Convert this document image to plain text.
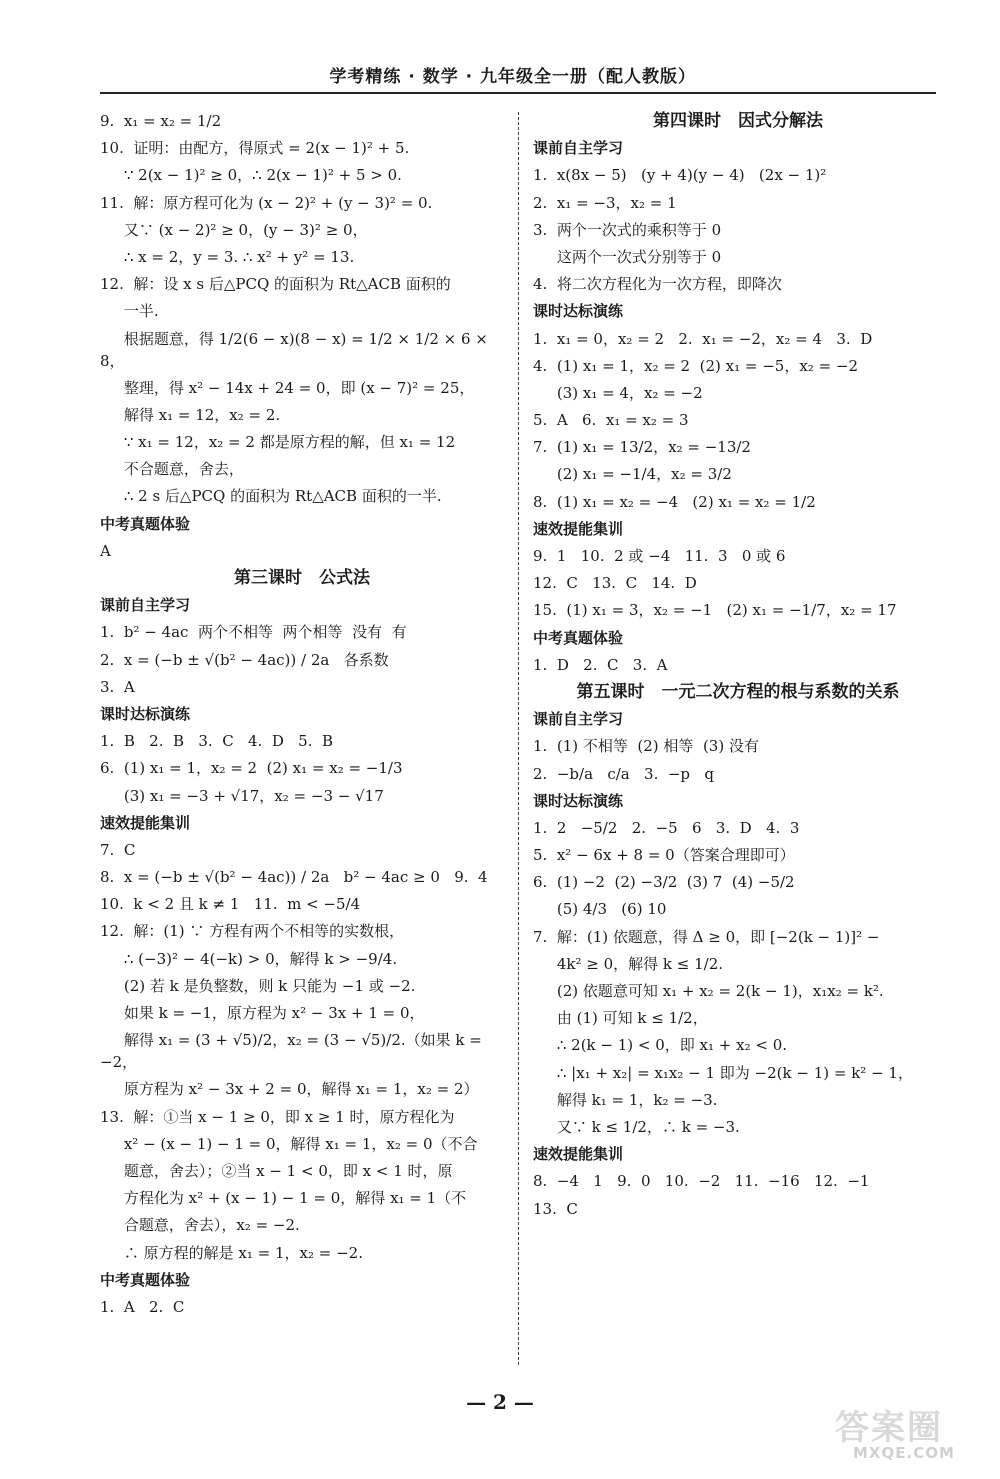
学考精练 · 数学 · 九年级全一册（配人教版）
9.  x₁ = x₂ = 1/2
10.  证明：由配方，得原式 = 2(x − 1)² + 5.
∵ 2(x − 1)² ≥ 0，∴ 2(x − 1)² + 5 > 0.
11.  解：原方程可化为 (x − 2)² + (y − 3)² = 0.
又∵ (x − 2)² ≥ 0，(y − 3)² ≥ 0，
∴ x = 2，y = 3. ∴ x² + y² = 13.
12.  解：设 x s 后△PCQ 的面积为 Rt△ACB 面积的
一半.
根据题意，得 1/2(6 − x)(8 − x) = 1/2 × 1/2 × 6 × 8，
整理，得 x² − 14x + 24 = 0，即 (x − 7)² = 25，
解得 x₁ = 12，x₂ = 2.
∵ x₁ = 12，x₂ = 2 都是原方程的解，但 x₁ = 12
不合题意，舍去，
∴ 2 s 后△PCQ 的面积为 Rt△ACB 面积的一半.
中考真题体验
A
第三课时　公式法
课前自主学习
1.  b² − 4ac  两个不相等  两个相等  没有  有
2.  x = (−b ± √(b² − 4ac)) / 2a   各系数
3.  A
课时达标演练
1.  B   2.  B   3.  C   4.  D   5.  B
6.  (1) x₁ = 1，x₂ = 2  (2) x₁ = x₂ = −1/3
(3) x₁ = −3 + √17，x₂ = −3 − √17
速效提能集训
7.  C
8.  x = (−b ± √(b² − 4ac)) / 2a   b² − 4ac ≥ 0   9.  4
10.  k < 2 且 k ≠ 1   11.  m < −5/4
12.  解：(1) ∵ 方程有两个不相等的实数根，
∴ (−3)² − 4(−k) > 0，解得 k > −9/4.
(2) 若 k 是负整数，则 k 只能为 −1 或 −2.
如果 k = −1，原方程为 x² − 3x + 1 = 0，
解得 x₁ = (3 + √5)/2，x₂ = (3 − √5)/2.（如果 k = −2，
原方程为 x² − 3x + 2 = 0，解得 x₁ = 1，x₂ = 2）
13.  解：①当 x − 1 ≥ 0，即 x ≥ 1 时，原方程化为
x² − (x − 1) − 1 = 0，解得 x₁ = 1，x₂ = 0（不合
题意，舍去）；②当 x − 1 < 0，即 x < 1 时，原
方程化为 x² + (x − 1) − 1 = 0，解得 x₁ = 1（不
合题意，舍去），x₂ = −2.
∴ 原方程的解是 x₁ = 1，x₂ = −2.
中考真题体验
1.  A   2.  C
第四课时　因式分解法
课前自主学习
1.  x(8x − 5)   (y + 4)(y − 4)   (2x − 1)²
2.  x₁ = −3，x₂ = 1
3.  两个一次式的乘积等于 0
这两个一次式分别等于 0
4.  将二次方程化为一次方程，即降次
课时达标演练
1.  x₁ = 0，x₂ = 2   2.  x₁ = −2，x₂ = 4   3.  D
4.  (1) x₁ = 1，x₂ = 2  (2) x₁ = −5，x₂ = −2
(3) x₁ = 4，x₂ = −2
5.  A   6.  x₁ = x₂ = 3
7.  (1) x₁ = 13/2，x₂ = −13/2
(2) x₁ = −1/4，x₂ = 3/2
8.  (1) x₁ = x₂ = −4   (2) x₁ = x₂ = 1/2
速效提能集训
9.  1   10.  2 或 −4   11.  3   0 或 6
12.  C   13.  C   14.  D
15.  (1) x₁ = 3，x₂ = −1   (2) x₁ = −1/7，x₂ = 17
中考真题体验
1.  D   2.  C   3.  A
第五课时　一元二次方程的根与系数的关系
课前自主学习
1.  (1) 不相等  (2) 相等  (3) 没有
2.  −b/a   c/a   3.  −p   q
课时达标演练
1.  2   −5/2   2.  −5   6   3.  D   4.  3
5.  x² − 6x + 8 = 0（答案合理即可）
6.  (1) −2  (2) −3/2  (3) 7  (4) −5/2
(5) 4/3   (6) 10
7.  解：(1) 依题意，得 Δ ≥ 0，即 [−2(k − 1)]² −
4k² ≥ 0，解得 k ≤ 1/2.
(2) 依题意可知 x₁ + x₂ = 2(k − 1)，x₁x₂ = k².
由 (1) 可知 k ≤ 1/2，
∴ 2(k − 1) < 0，即 x₁ + x₂ < 0.
∴ |x₁ + x₂| = x₁x₂ − 1 即为 −2(k − 1) = k² − 1，
解得 k₁ = 1，k₂ = −3.
又∵ k ≤ 1/2，∴ k = −3.
速效提能集训
8.  −4   1   9.  0   10.  −2   11.  −16   12.  −1
13.  C
— 2 —
答案圈
MXQE.COM
